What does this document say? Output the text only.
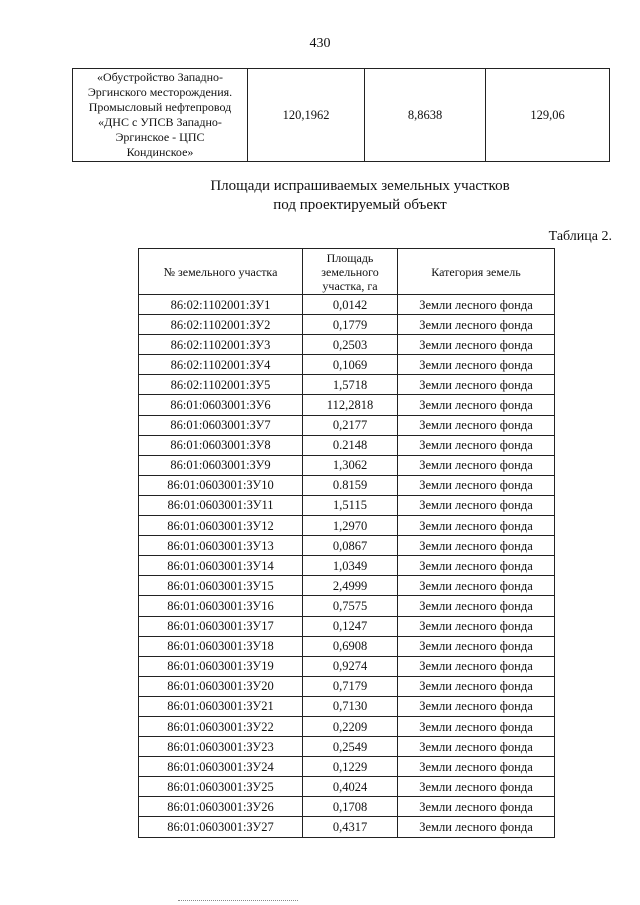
430
«Обустройство Западно-
Эргинского месторождения.
Промысловый нефтепровод
«ДНС с УПСВ Западно-
Эргинское - ЦПС
Кондинское»
	120,1962	8,8638	129,06
Площади испрашиваемых земельных участков
под проектируемый объект
Таблица 2.
№ земельного участка	Площадь
земельного
участка, га	Категория земель
86:02:1102001:ЗУ1	0,0142	Земли лесного фонда
86:02:1102001:ЗУ2	0,1779	Земли лесного фонда
86:02:1102001:ЗУ3	0,2503	Земли лесного фонда
86:02:1102001:ЗУ4	0,1069	Земли лесного фонда
86:02:1102001:ЗУ5	1,5718	Земли лесного фонда
86:01:0603001:ЗУ6	112,2818	Земли лесного фонда
86:01:0603001:ЗУ7	0,2177	Земли лесного фонда
86:01:0603001:ЗУ8	0.2148	Земли лесного фонда
86:01:0603001:ЗУ9	1,3062	Земли лесного фонда
86:01:0603001:ЗУ10	0.8159	Земли лесного фонда
86:01:0603001:ЗУ11	1,5115	Земли лесного фонда
86:01:0603001:ЗУ12	1,2970	Земли лесного фонда
86:01:0603001:ЗУ13	0,0867	Земли лесного фонда
86:01:0603001:ЗУ14	1,0349	Земли лесного фонда
86:01:0603001:ЗУ15	2,4999	Земли лесного фонда
86:01:0603001:ЗУ16	0,7575	Земли лесного фонда
86:01:0603001:ЗУ17	0,1247	Земли лесного фонда
86:01:0603001:ЗУ18	0,6908	Земли лесного фонда
86:01:0603001:ЗУ19	0,9274	Земли лесного фонда
86:01:0603001:ЗУ20	0,7179	Земли лесного фонда
86:01:0603001:ЗУ21	0,7130	Земли лесного фонда
86:01:0603001:ЗУ22	0,2209	Земли лесного фонда
86:01:0603001:ЗУ23	0,2549	Земли лесного фонда
86:01:0603001:ЗУ24	0,1229	Земли лесного фонда
86:01:0603001:ЗУ25	0,4024	Земли лесного фонда
86:01:0603001:ЗУ26	0,1708	Земли лесного фонда
86:01:0603001:ЗУ27	0,4317	Земли лесного фонда
